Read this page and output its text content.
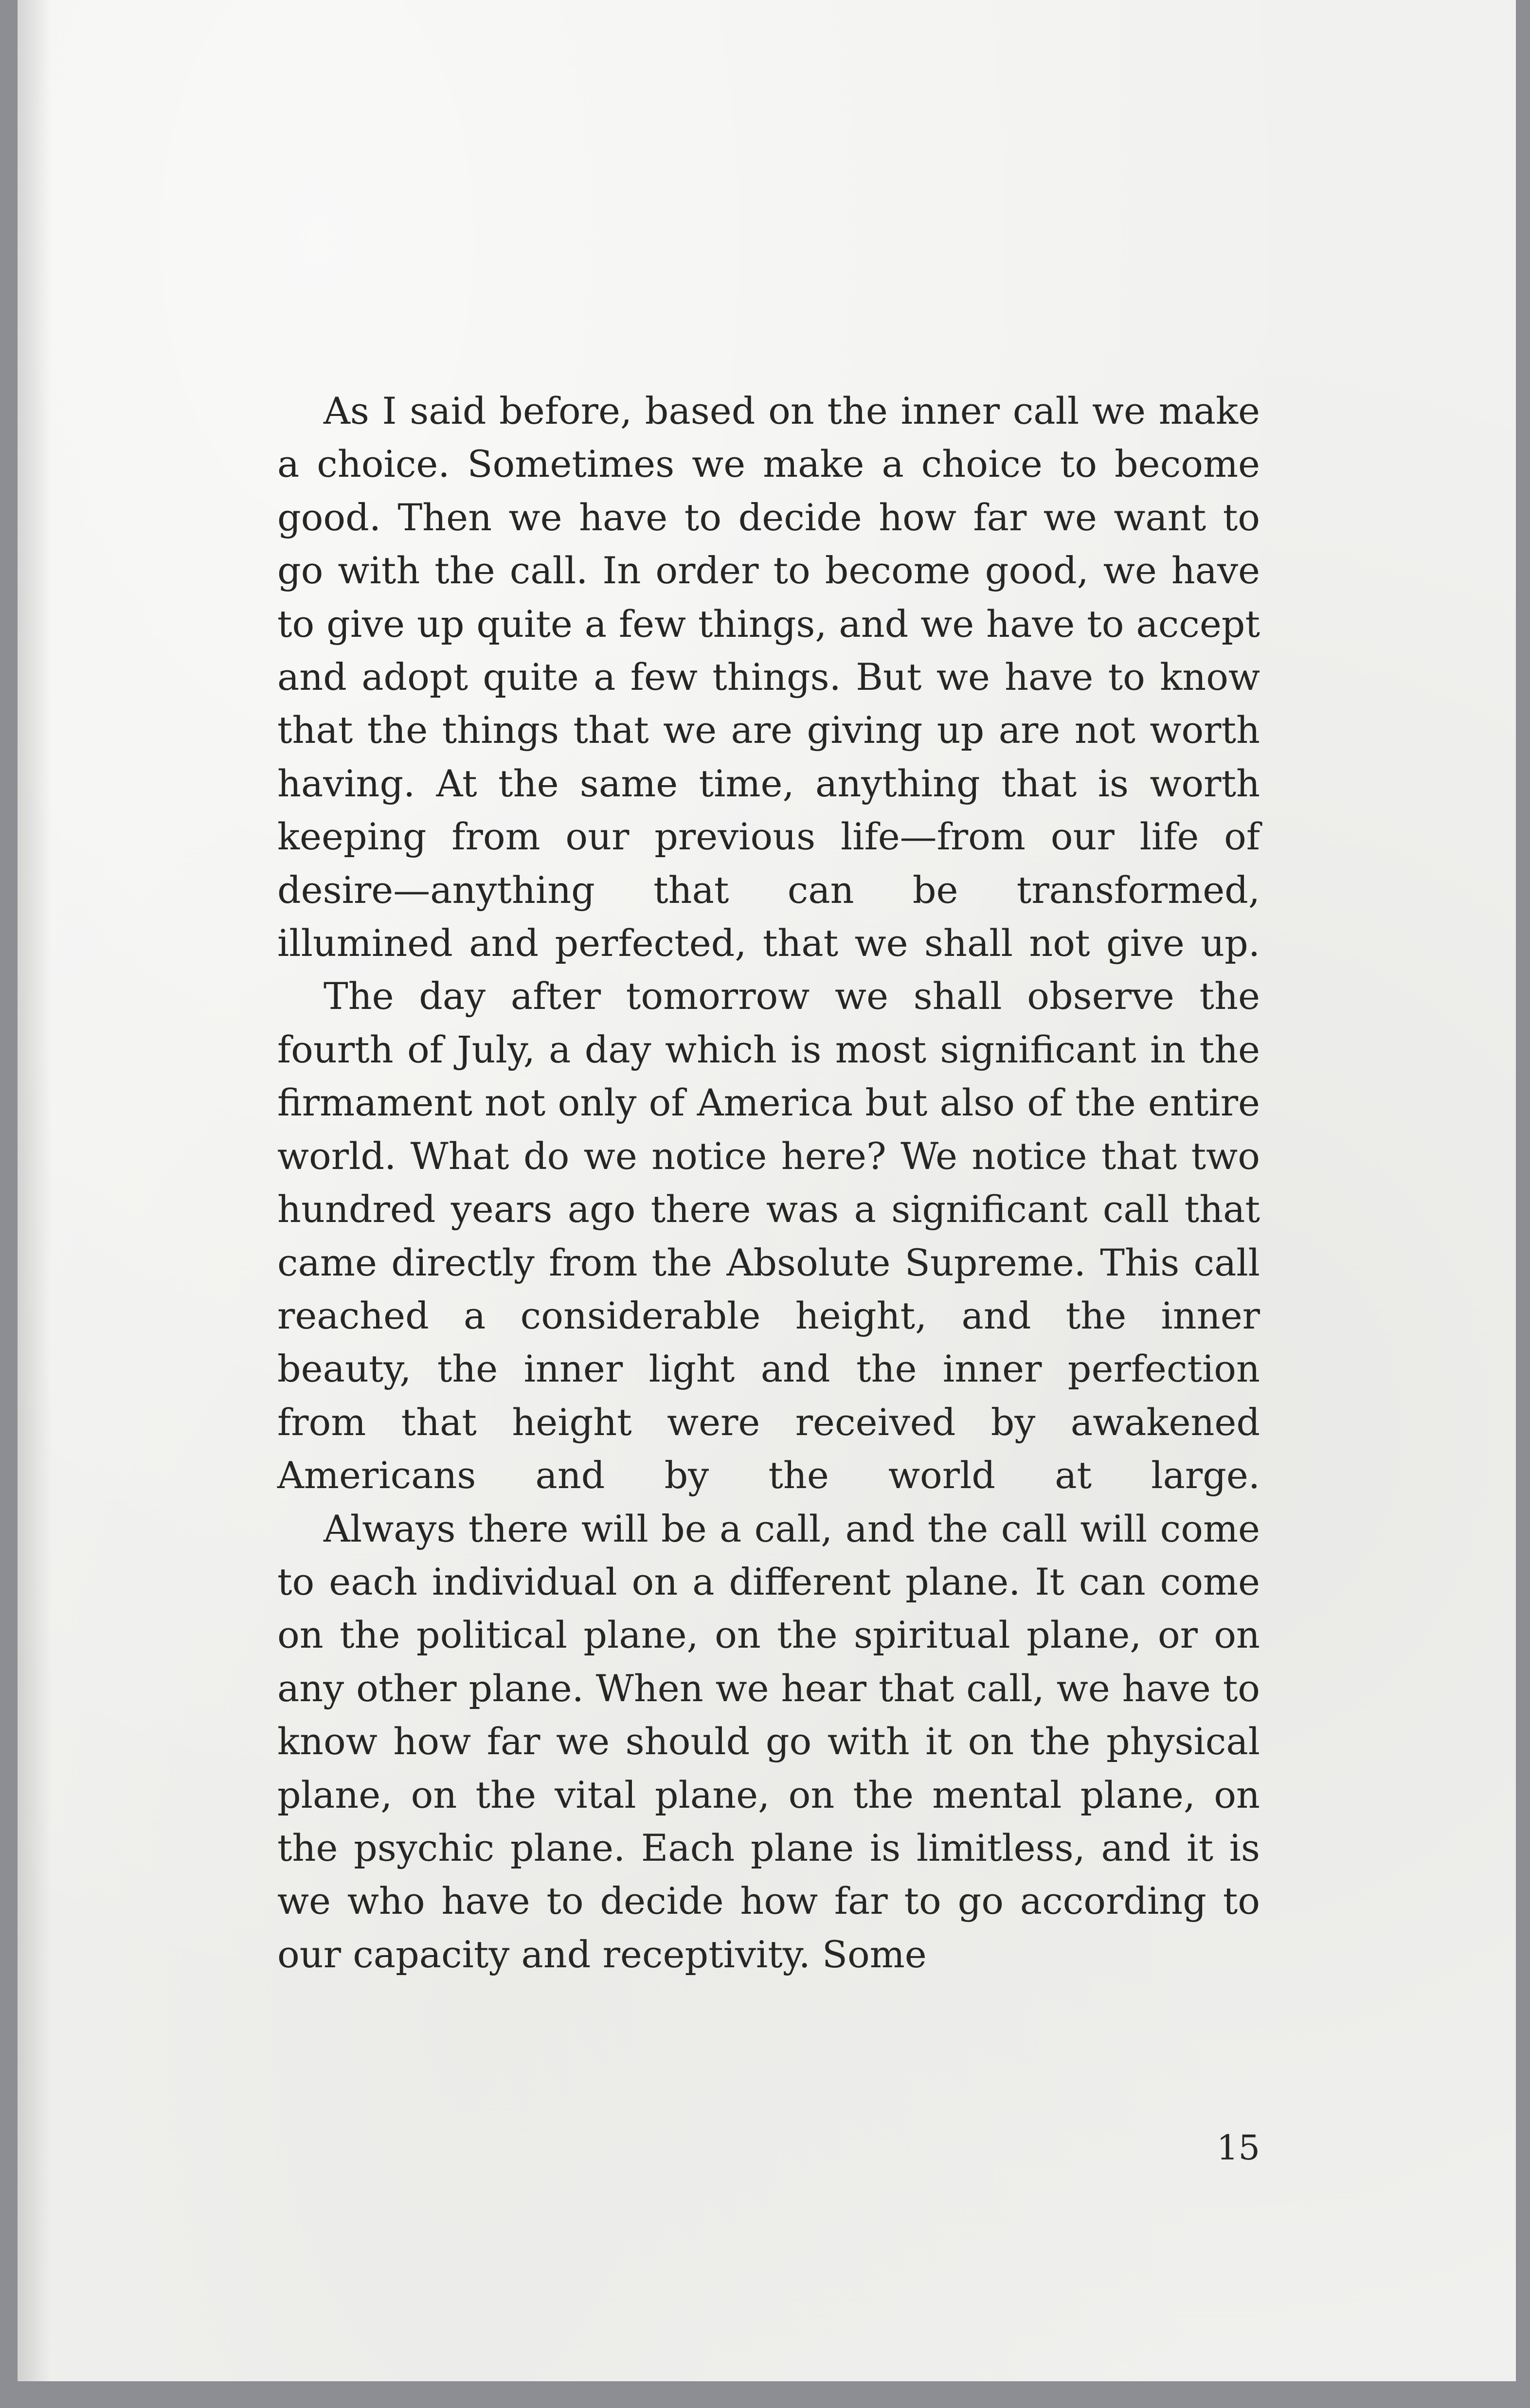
As I said before, based on the inner call we make a choice. Sometimes we make a choice to become good. Then we have to decide how far we want to go with the call. In order to become good, we have to give up quite a few things, and we have to accept and adopt quite a few things. But we have to know that the things that we are giving up are not worth having. At the same time, anything that is worth keeping from our previous life—from our life of desire—anything that can be transformed, illumined and perfected, that we shall not give up.

The day after tomorrow we shall observe the fourth of July, a day which is most significant in the firmament not only of America but also of the entire world. What do we notice here? We notice that two hundred years ago there was a significant call that came directly from the Absolute Supreme. This call reached a considerable height, and the inner beauty, the inner light and the inner perfection from that height were received by awakened Americans and by the world at large.

Always there will be a call, and the call will come to each individual on a different plane. It can come on the political plane, on the spiritual plane, or on any other plane. When we hear that call, we have to know how far we should go with it on the physical plane, on the vital plane, on the mental plane, on the psychic plane. Each plane is limitless, and it is we who have to decide how far to go according to our capacity and receptivity. Some

15
